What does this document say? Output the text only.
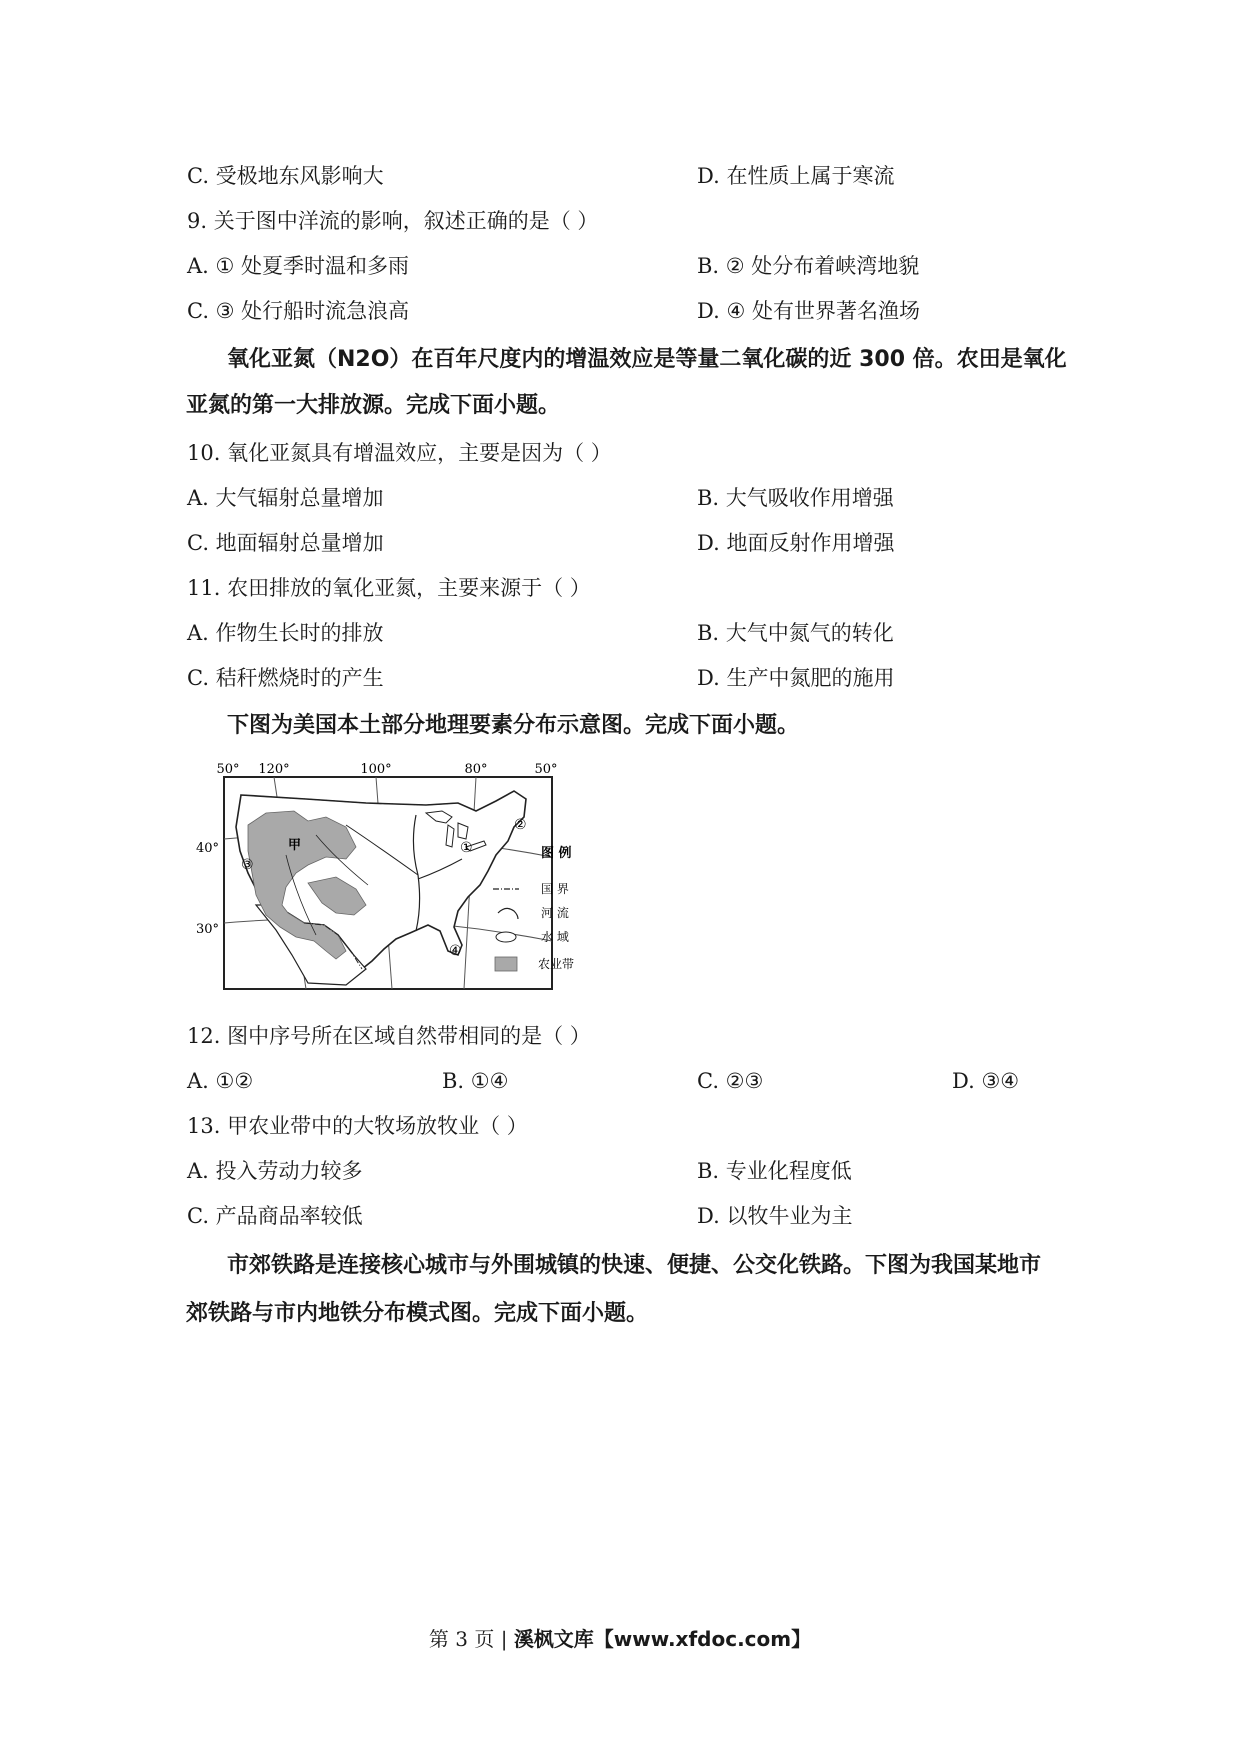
C. 受极地东风影响大	D. 在性质上属于寒流
9. 关于图中洋流的影响，叙述正确的是（ ）
A. ① 处夏季时温和多雨	B. ② 处分布着峡湾地貌
C. ③ 处行船时流急浪高	D. ④ 处有世界著名渔场
氧化亚氮（N2O）在百年尺度内的增温效应是等量二氧化碳的近 300 倍。农田是氧化
亚氮的第一大排放源。完成下面小题。
10. 氧化亚氮具有增温效应，主要是因为（ ）
A. 大气辐射总量增加	B. 大气吸收作用增强
C. 地面辐射总量增加	D. 地面反射作用增强
11. 农田排放的氧化亚氮，主要来源于（ ）
A. 作物生长时的排放	B. 大气中氮气的转化
C. 秸秆燃烧时的产生	D. 生产中氮肥的施用
下图为美国本土部分地理要素分布示意图。完成下面小题。
50° 120°	100°	80°	50°
40°
30°
甲	①
②
③
④
图 例
国 界
河 流
水 域
农业带
12. 图中序号所在区域自然带相同的是（ ）
A. ①②	B. ①④	C. ②③	D. ③④
13. 甲农业带中的大牧场放牧业（ ）
A. 投入劳动力较多	B. 专业化程度低
C. 产品商品率较低	D. 以牧牛业为主
市郊铁路是连接核心城市与外围城镇的快速、便捷、公交化铁路。下图为我国某地市
郊铁路与市内地铁分布模式图。完成下面小题。
第 3 页 | 溪枫文库【www.xfdoc.com】
